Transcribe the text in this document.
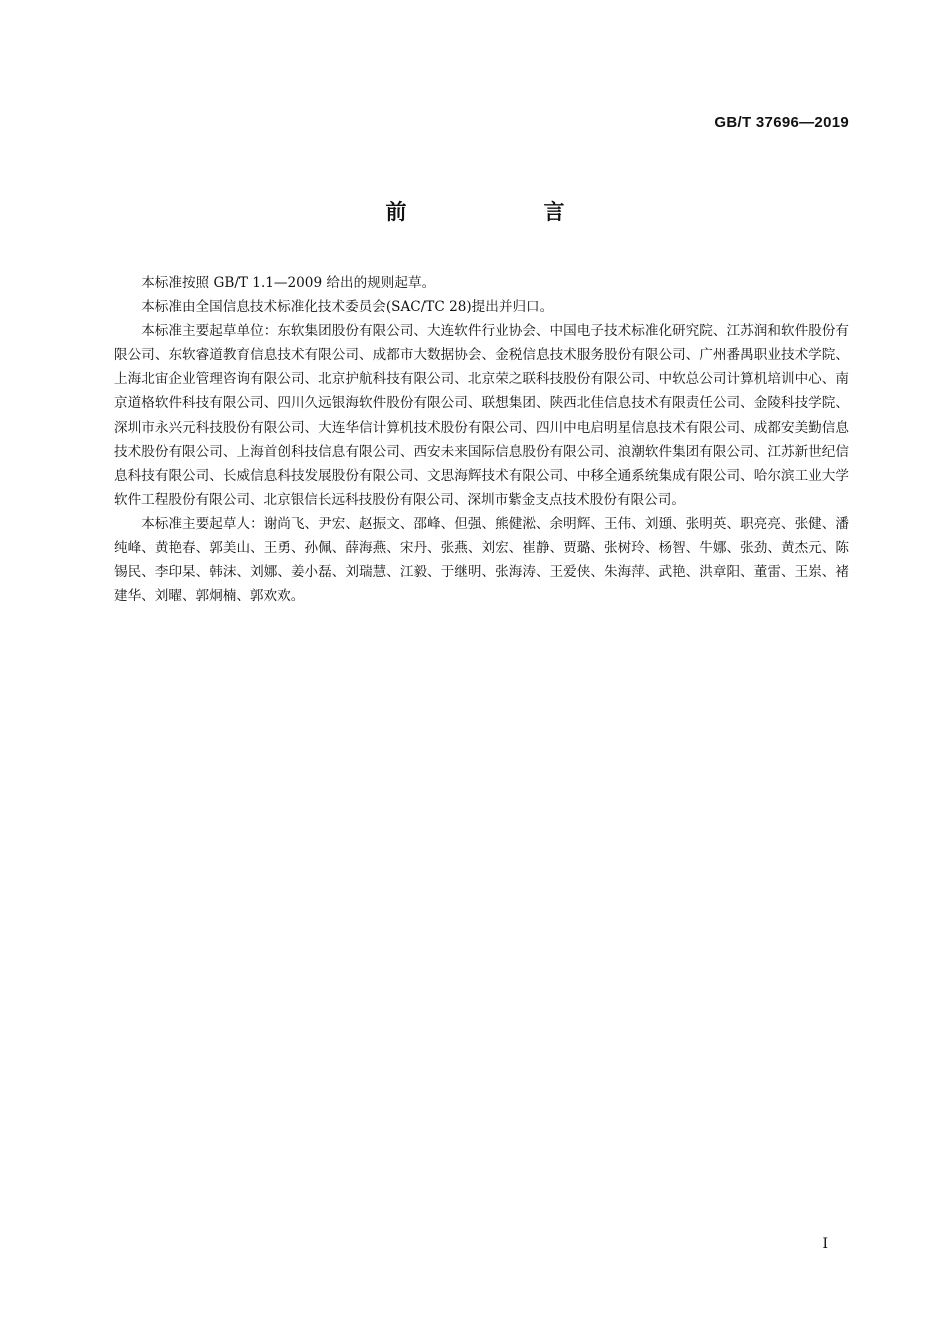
GB/T 37696—2019
前　言

本标准按照 GB/T 1.1—2009 给出的规则起草。

本标准由全国信息技术标准化技术委员会(SAC/TC 28)提出并归口。

本标准主要起草单位：东软集团股份有限公司、大连软件行业协会、中国电子技术标准化研究院、江苏润和软件股份有限公司、东软睿道教育信息技术有限公司、成都市大数据协会、金税信息技术服务股份有限公司、广州番禺职业技术学院、上海北宙企业管理咨询有限公司、北京护航科技有限公司、北京荣之联科技股份有限公司、中软总公司计算机培训中心、南京道格软件科技有限公司、四川久远银海软件股份有限公司、联想集团、陕西北佳信息技术有限责任公司、金陵科技学院、深圳市永兴元科技股份有限公司、大连华信计算机技术股份有限公司、四川中电启明星信息技术有限公司、成都安美勤信息技术股份有限公司、上海首创科技信息有限公司、西安未来国际信息股份有限公司、浪潮软件集团有限公司、江苏新世纪信息科技有限公司、长威信息科技发展股份有限公司、文思海辉技术有限公司、中移全通系统集成有限公司、哈尔滨工业大学软件工程股份有限公司、北京银信长远科技股份有限公司、深圳市紫金支点技术股份有限公司。

本标准主要起草人：谢尚飞、尹宏、赵振文、邵峰、但强、熊健淞、余明辉、王伟、刘頲、张明英、职亮亮、张健、潘纯峰、黄艳春、郭美山、王勇、孙佩、薛海燕、宋丹、张燕、刘宏、崔静、贾璐、张树玲、杨智、牛娜、张劲、黄杰元、陈锡民、李印杲、韩沫、刘娜、姜小磊、刘瑞慧、江毅、于继明、张海涛、王爱侠、朱海萍、武艳、洪章阳、董雷、王岽、褚建华、刘曜、郭炯楠、郭欢欢。

I
